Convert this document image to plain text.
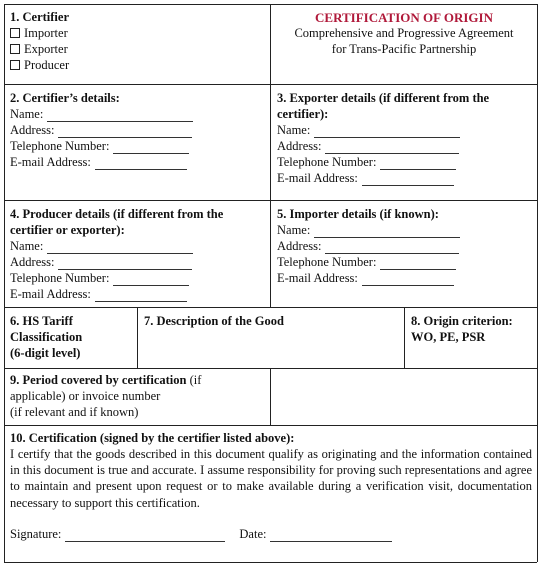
1. Certifier
Importer
Exporter
Producer
CERTIFICATION OF ORIGIN
Comprehensive and Progressive Agreement
for Trans-Pacific Partnership
2. Certifier’s details:
Name:
Address:
Telephone Number:
E-mail Address:
3. Exporter details (if different from the
certifier):
Name:
Address:
Telephone Number:
E-mail Address:
4. Producer details (if different from the
certifier or exporter):
Name:
Address:
Telephone Number:
E-mail Address:
5. Importer details (if known):
Name:
Address:
Telephone Number:
E-mail Address:
6. HS Tariff
Classification
(6-digit level)
7. Description of the Good	8. Origin criterion:
WO, PE, PSR
9. Period covered by certification (if
applicable) or invoice number
(if relevant and if known)
10. Certification (signed by the certifier listed above):
I certify that the goods described in this document qualify as originating and the information contained in this document is true and accurate. I assume responsibility for proving such representations and agree to maintain and present upon request or to make available during a verification visit, documentation necessary to support this certification.
Signature:	Date:
